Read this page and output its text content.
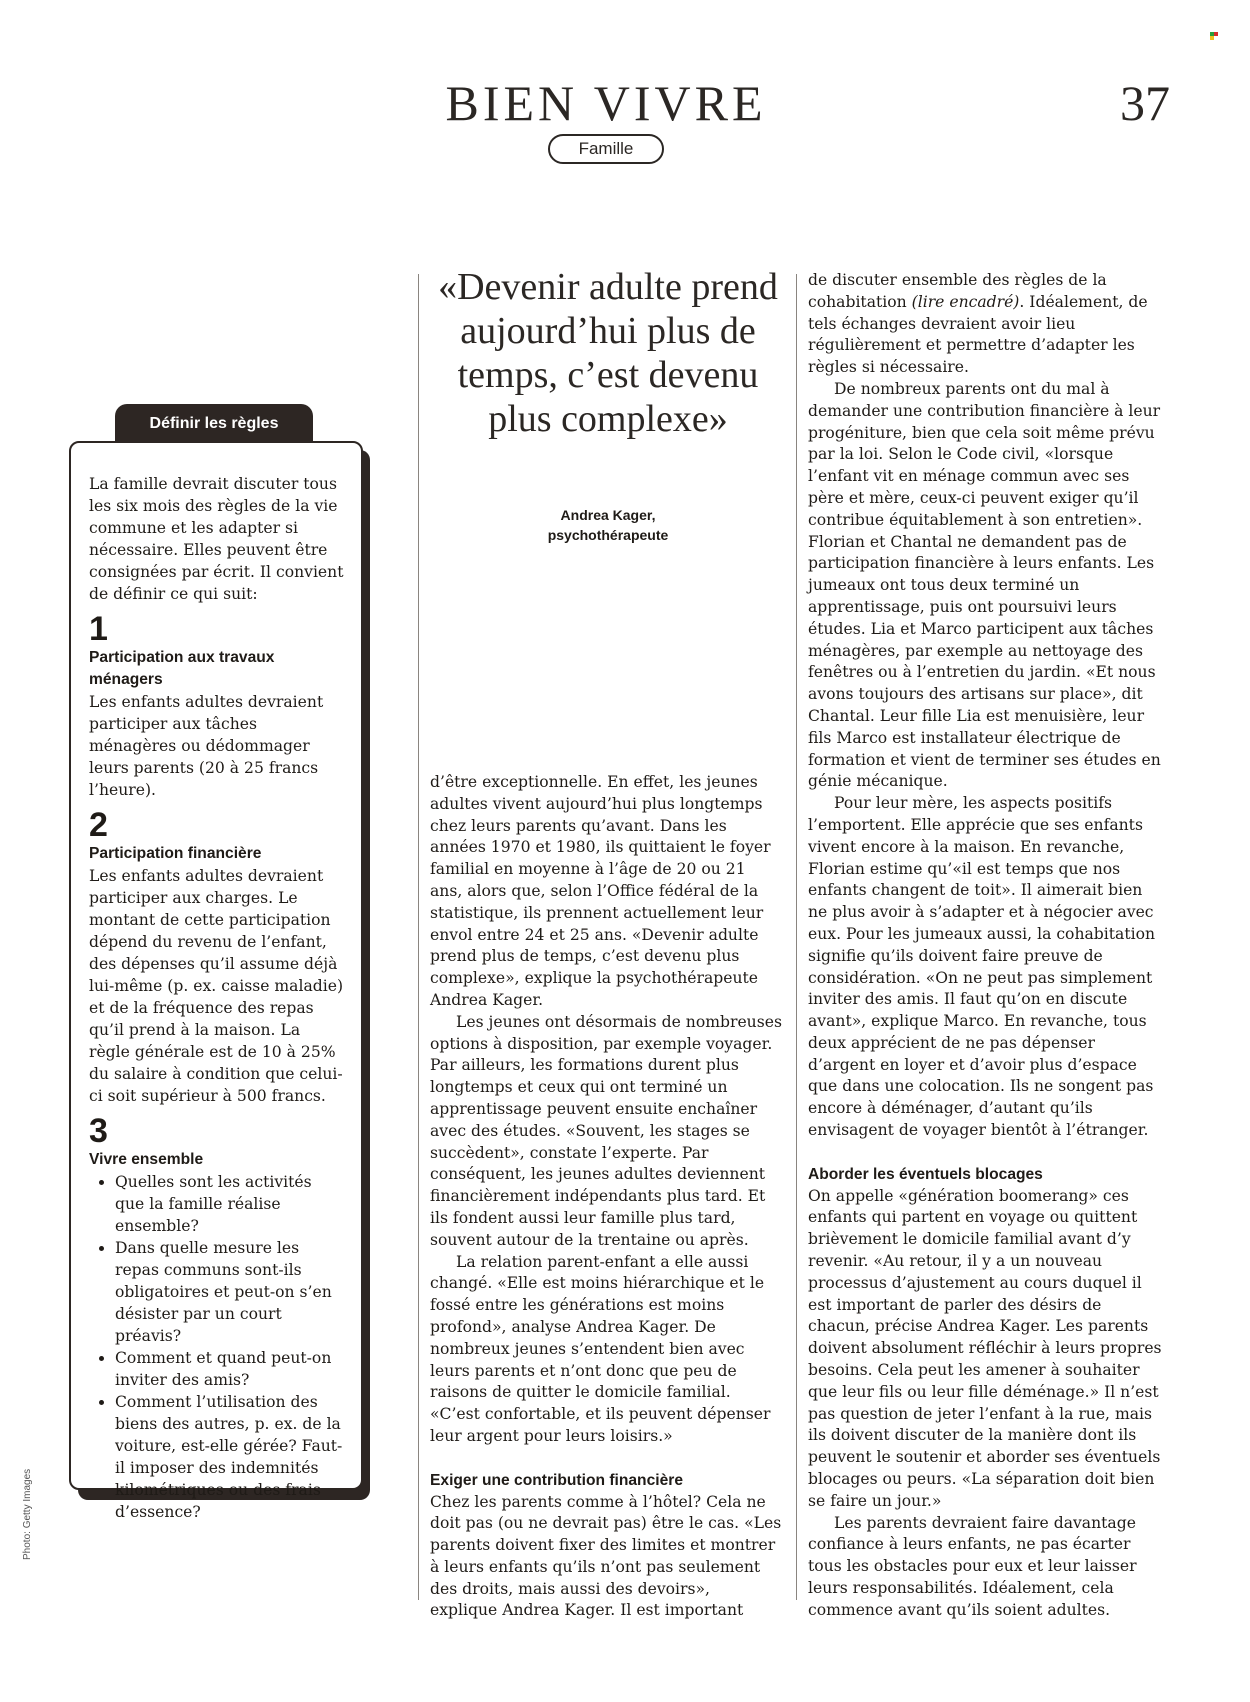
BIEN VIVRE	37
Famille
Définir les règles

La famille devrait discuter tous les six mois des règles de la vie commune et les adapter si nécessaire. Elles peuvent être consignées par écrit. Il convient de définir ce qui suit:

1
Participation aux travaux ménagers

Les enfants adultes devraient participer aux tâches ménagères ou dédommager leurs parents (20 à 25 francs l’heure).

2
Participation financière

Les enfants adultes devraient participer aux charges. Le montant de cette participation dépend du revenu de l’enfant, des dépenses qu’il assume déjà lui-même (p. ex. caisse maladie) et de la fréquence des repas qu’il prend à la maison. La règle générale est de 10 à 25% du salaire à condition que celui-ci soit supérieur à 500 francs.

3
Vivre ensemble
• Quelles sont les activités que la famille réalise ensemble?
• Dans quelle mesure les repas communs sont-ils obligatoires et peut-on s’en désister par un court préavis?
• Comment et quand peut-on inviter des amis?
• Comment l’utilisation des biens des autres, p. ex. de la voiture, est-elle gérée? Faut-il imposer des indemnités kilométriques ou des frais d’essence?
«Devenir adulte prend aujourd’hui plus de temps, c’est devenu plus complexe»
Andrea Kager,
psychothérapeute

d’être exceptionnelle. En effet, les jeunes adultes vivent aujourd’hui plus longtemps chez leurs parents qu’avant. Dans les années 1970 et 1980, ils quittaient le foyer familial en moyenne à l’âge de 20 ou 21 ans, alors que, selon l’Office fédéral de la statistique, ils prennent actuellement leur envol entre 24 et 25 ans. «Devenir adulte prend plus de temps, c’est devenu plus complexe», explique la psychothérapeute Andrea Kager.

Les jeunes ont désormais de nombreuses options à disposition, par exemple voyager. Par ailleurs, les formations durent plus longtemps et ceux qui ont terminé un apprentissage peuvent ensuite enchaîner avec des études. «Souvent, les stages se succèdent», constate l’experte. Par conséquent, les jeunes adultes deviennent financièrement indépendants plus tard. Et ils fondent aussi leur famille plus tard, souvent autour de la trentaine ou après.

La relation parent-enfant a elle aussi changé. «Elle est moins hiérarchique et le fossé entre les générations est moins profond», analyse Andrea Kager. De nombreux jeunes s’entendent bien avec leurs parents et n’ont donc que peu de raisons de quitter le domicile familial. «C’est confortable, et ils peuvent dépenser leur argent pour leurs loisirs.»

Exiger une contribution financière

Chez les parents comme à l’hôtel? Cela ne doit pas (ou ne devrait pas) être le cas. «Les parents doivent fixer des limites et montrer à leurs enfants qu’ils n’ont pas seulement des droits, mais aussi des devoirs», explique Andrea Kager. Il est important

de discuter ensemble des règles de la cohabitation (lire encadré). Idéalement, de tels échanges devraient avoir lieu régulièrement et permettre d’adapter les règles si nécessaire.

De nombreux parents ont du mal à demander une contribution financière à leur progéniture, bien que cela soit même prévu par la loi. Selon le Code civil, «lorsque l’enfant vit en ménage commun avec ses père et mère, ceux-ci peuvent exiger qu’il contribue équitablement à son entretien». Florian et Chantal ne demandent pas de participation financière à leurs enfants. Les jumeaux ont tous deux terminé un apprentissage, puis ont poursuivi leurs études. Lia et Marco participent aux tâches ménagères, par exemple au nettoyage des fenêtres ou à l’entretien du jardin. «Et nous avons toujours des artisans sur place», dit Chantal. Leur fille Lia est menuisière, leur fils Marco est installateur électrique de formation et vient de terminer ses études en génie mécanique.

Pour leur mère, les aspects positifs l’emportent. Elle apprécie que ses enfants vivent encore à la maison. En revanche, Florian estime qu’«il est temps que nos enfants changent de toit». Il aimerait bien ne plus avoir à s’adapter et à négocier avec eux. Pour les jumeaux aussi, la cohabitation signifie qu’ils doivent faire preuve de considération. «On ne peut pas simplement inviter des amis. Il faut qu’on en discute avant», explique Marco. En revanche, tous deux apprécient de ne pas dépenser d’argent en loyer et d’avoir plus d’espace que dans une colocation. Ils ne songent pas encore à déménager, d’autant qu’ils envisagent de voyager bientôt à l’étranger.

Aborder les éventuels blocages

On appelle «génération boomerang» ces enfants qui partent en voyage ou quittent brièvement le domicile familial avant d’y revenir. «Au retour, il y a un nouveau processus d’ajustement au cours duquel il est important de parler des désirs de chacun, précise Andrea Kager. Les parents doivent absolument réfléchir à leurs propres besoins. Cela peut les amener à souhaiter que leur fils ou leur fille déménage.» Il n’est pas question de jeter l’enfant à la rue, mais ils doivent discuter de la manière dont ils peuvent le soutenir et aborder ses éventuels blocages ou peurs. «La séparation doit bien se faire un jour.»

Les parents devraient faire davantage confiance à leurs enfants, ne pas écarter tous les obstacles pour eux et leur laisser leurs responsabilités. Idéalement, cela commence avant qu’ils soient adultes.

Photo: Getty Images
